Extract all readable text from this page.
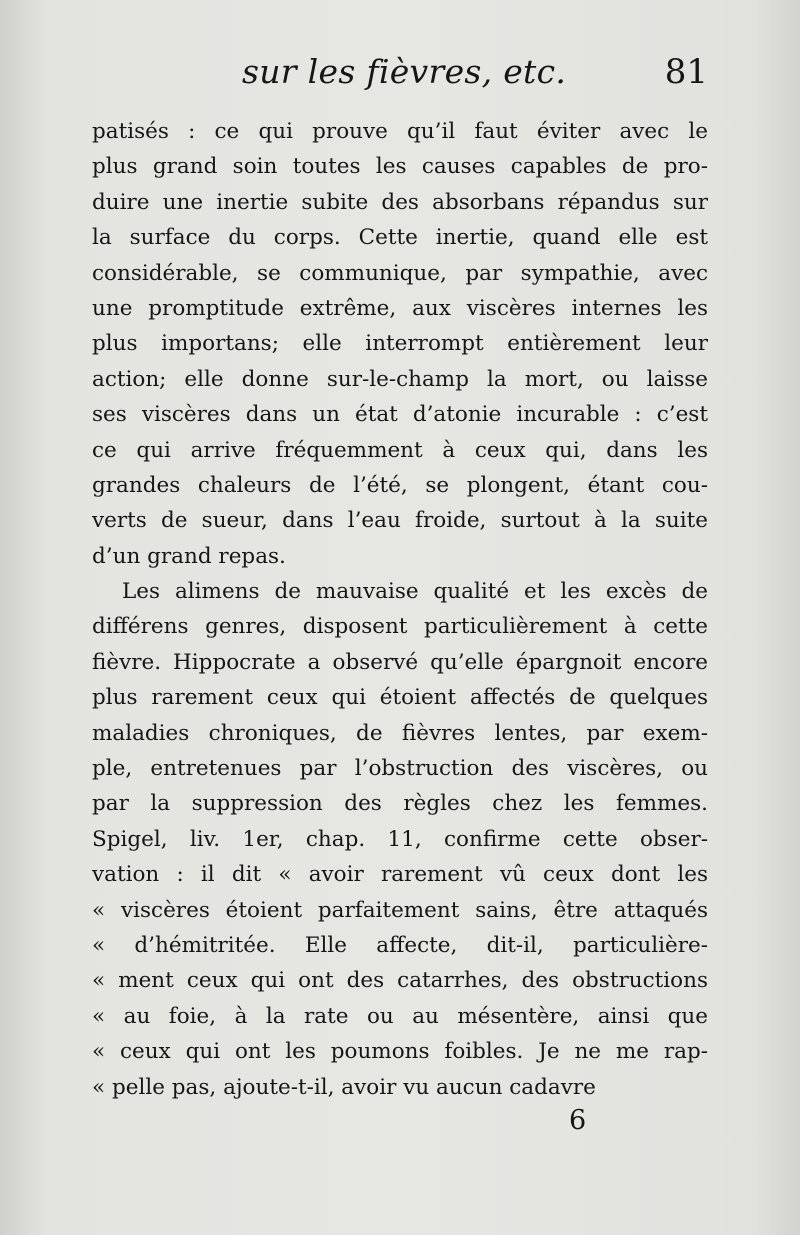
sur les fièvres, etc.	81
patisés : ce qui prouve qu’il faut éviter avec le
plus grand soin toutes les causes capables de pro-
duire une inertie subite des absorbans répandus sur
la surface du corps. Cette inertie, quand elle est
considérable, se communique, par sympathie, avec
une promptitude extrême, aux viscères internes les
plus importans; elle interrompt entièrement leur
action; elle donne sur-le-champ la mort, ou laisse
ses viscères dans un état d’atonie incurable : c’est
ce qui arrive fréquemment à ceux qui, dans les
grandes chaleurs de l’été, se plongent, étant cou-
verts de sueur, dans l’eau froide, surtout à la suite
d’un grand repas.
Les alimens de mauvaise qualité et les excès de
différens genres, disposent particulièrement à cette
fièvre. Hippocrate a observé qu’elle épargnoit encore
plus rarement ceux qui étoient affectés de quelques
maladies chroniques, de fièvres lentes, par exem-
ple, entretenues par l’obstruction des viscères, ou
par la suppression des règles chez les femmes.
Spigel, liv. 1er, chap. 11, confirme cette obser-
vation : il dit « avoir rarement vû ceux dont les
« viscères étoient parfaitement sains, être attaqués
« d’hémitritée. Elle affecte, dit-il, particulière-
« ment ceux qui ont des catarrhes, des obstructions
« au foie, à la rate ou au mésentère, ainsi que
« ceux qui ont les poumons foibles. Je ne me rap-
« pelle pas, ajoute-t-il, avoir vu aucun cadavre
6
